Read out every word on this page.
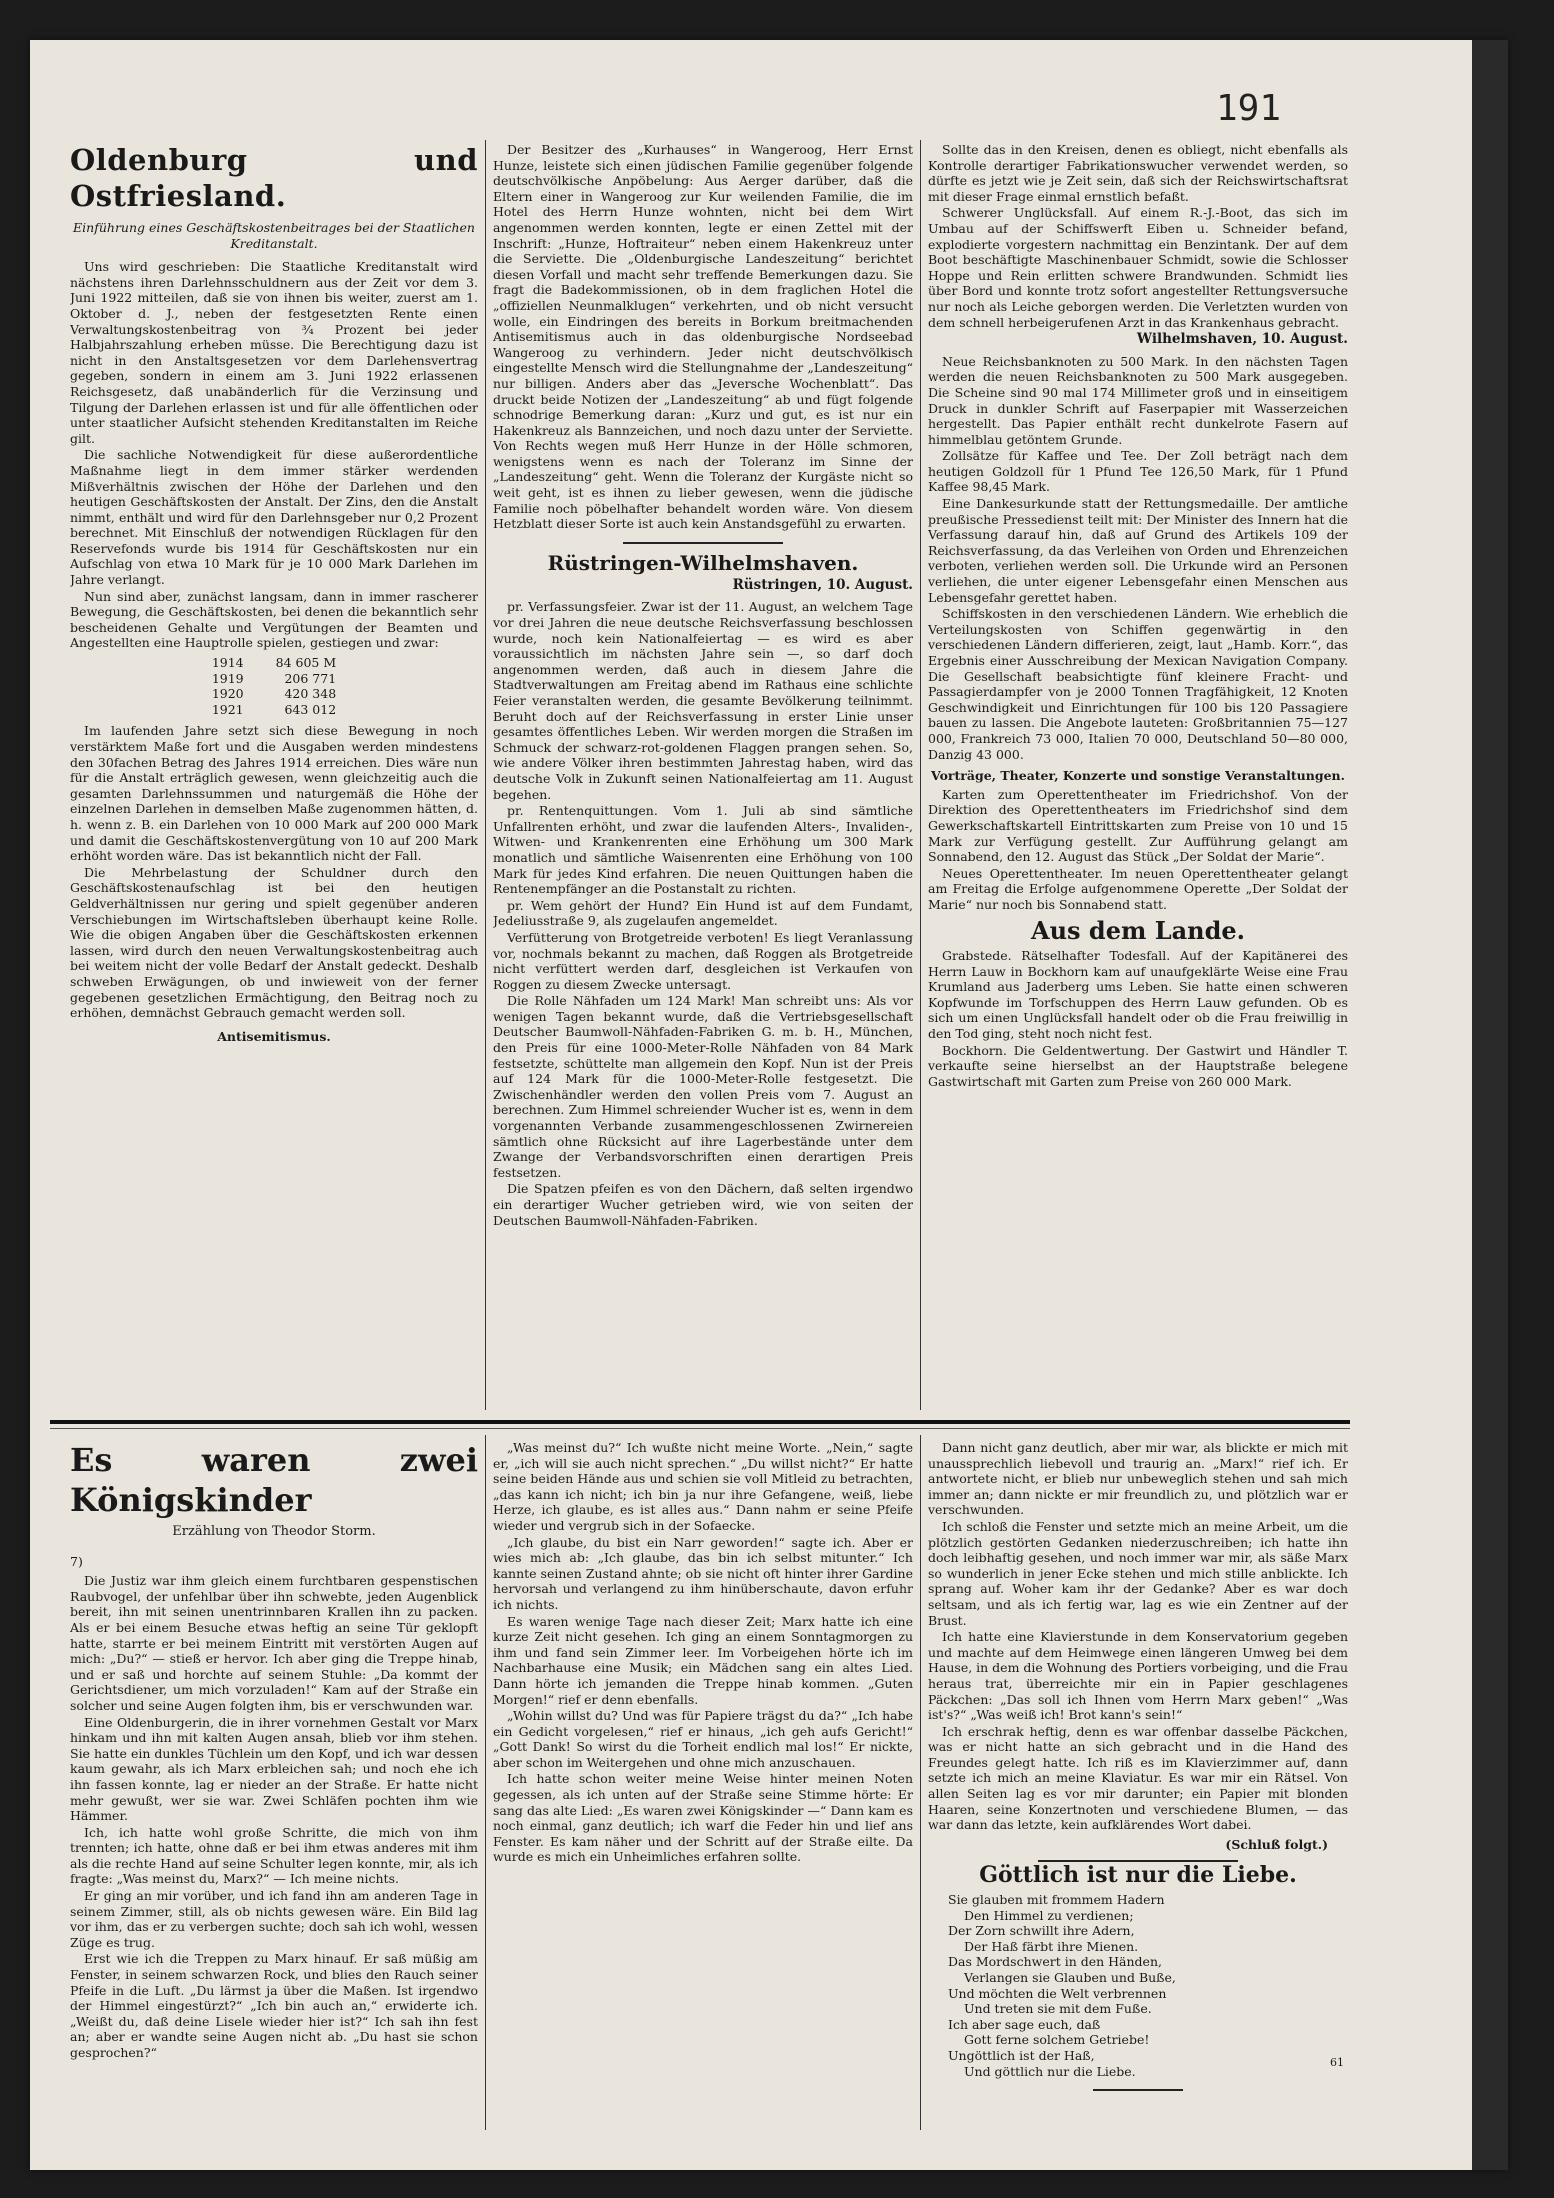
191
Oldenburg und Ostfriesland.
Einführung eines Geschäftskostenbeitrages bei der Staatlichen Kreditanstalt.

Uns wird geschrieben: Die Staatliche Kreditanstalt wird nächstens ihren Darlehnsschuldnern aus der Zeit vor dem 3. Juni 1922 mitteilen, daß sie von ihnen bis weiter, zuerst am 1. Oktober d. J., neben der festgesetzten Rente einen Verwaltungskostenbeitrag von ¾ Prozent bei jeder Halbjahrszahlung erheben müsse. Die Berechtigung dazu ist nicht in den Anstaltsgesetzen vor dem Darlehensvertrag gegeben, sondern in einem am 3. Juni 1922 erlassenen Reichsgesetz, daß unabänderlich für die Verzinsung und Tilgung der Darlehen erlassen ist und für alle öffentlichen oder unter staatlicher Aufsicht stehenden Kreditanstalten im Reiche gilt.

Die sachliche Notwendigkeit für diese außerordentliche Maßnahme liegt in dem immer stärker werdenden Mißverhältnis zwischen der Höhe der Darlehen und den heutigen Geschäftskosten der Anstalt. Der Zins, den die Anstalt nimmt, enthält und wird für den Darlehnsgeber nur 0,2 Prozent berechnet. Mit Einschluß der notwendigen Rücklagen für den Reservefonds wurde bis 1914 für Geschäftskosten nur ein Aufschlag von etwa 10 Mark für je 10 000 Mark Darlehen im Jahre verlangt.

Nun sind aber, zunächst langsam, dann in immer rascherer Bewegung, die Geschäftskosten, bei denen die bekanntlich sehr bescheidenen Gehalte und Vergütungen der Beamten und Angestellten eine Hauptrolle spielen, gestiegen und zwar:

1914	84 605 M
1919	206 771
1920	420 348
1921	643 012

Im laufenden Jahre setzt sich diese Bewegung in noch verstärktem Maße fort und die Ausgaben werden mindestens den 30fachen Betrag des Jahres 1914 erreichen. Dies wäre nun für die Anstalt erträglich gewesen, wenn gleichzeitig auch die gesamten Darlehnssummen und naturgemäß die Höhe der einzelnen Darlehen in demselben Maße zugenommen hätten, d. h. wenn z. B. ein Darlehen von 10 000 Mark auf 200 000 Mark und damit die Geschäftskostenvergütung von 10 auf 200 Mark erhöht worden wäre. Das ist bekanntlich nicht der Fall.

Die Mehrbelastung der Schuldner durch den Geschäftskostenaufschlag ist bei den heutigen Geldverhältnissen nur gering und spielt gegenüber anderen Verschiebungen im Wirtschaftsleben überhaupt keine Rolle. Wie die obigen Angaben über die Geschäftskosten erkennen lassen, wird durch den neuen Verwaltungskostenbeitrag auch bei weitem nicht der volle Bedarf der Anstalt gedeckt. Deshalb schweben Erwägungen, ob und inwieweit von der ferner gegebenen gesetzlichen Ermächtigung, den Beitrag noch zu erhöhen, demnächst Gebrauch gemacht werden soll.

Antisemitismus.

Der Besitzer des „Kurhauses“ in Wangeroog, Herr Ernst Hunze, leistete sich einen jüdischen Familie gegenüber folgende deutschvölkische Anpöbelung: Aus Aerger darüber, daß die Eltern einer in Wangeroog zur Kur weilenden Familie, die im Hotel des Herrn Hunze wohnten, nicht bei dem Wirt angenommen werden konnten, legte er einen Zettel mit der Inschrift: „Hunze, Hoftraiteur“ neben einem Hakenkreuz unter die Serviette. Die „Oldenburgische Landeszeitung“ berichtet diesen Vorfall und macht sehr treffende Bemerkungen dazu. Sie fragt die Badekommissionen, ob in dem fraglichen Hotel die „offiziellen Neunmalklugen“ verkehrten, und ob nicht versucht wolle, ein Eindringen des bereits in Borkum breitmachenden Antisemitismus auch in das oldenburgische Nordseebad Wangeroog zu verhindern. Jeder nicht deutschvölkisch eingestellte Mensch wird die Stellungnahme der „Landeszeitung“ nur billigen. Anders aber das „Jeversche Wochenblatt“. Das druckt beide Notizen der „Landeszeitung“ ab und fügt folgende schnodrige Bemerkung daran: „Kurz und gut, es ist nur ein Hakenkreuz als Bannzeichen, und noch dazu unter der Serviette. Von Rechts wegen muß Herr Hunze in der Hölle schmoren, wenigstens wenn es nach der Toleranz im Sinne der „Landeszeitung“ geht. Wenn die Toleranz der Kurgäste nicht so weit geht, ist es ihnen zu lieber gewesen, wenn die jüdische Familie noch pöbelhafter behandelt worden wäre. Von diesem Hetzblatt dieser Sorte ist auch kein Anstandsgefühl zu erwarten.

Rüstringen-Wilhelmshaven.
Rüstringen, 10. August.

pr. Verfassungsfeier. Zwar ist der 11. August, an welchem Tage vor drei Jahren die neue deutsche Reichsverfassung beschlossen wurde, noch kein Nationalfeiertag — es wird es aber voraussichtlich im nächsten Jahre sein —, so darf doch angenommen werden, daß auch in diesem Jahre die Stadtverwaltungen am Freitag abend im Rathaus eine schlichte Feier veranstalten werden, die gesamte Bevölkerung teilnimmt. Beruht doch auf der Reichsverfassung in erster Linie unser gesamtes öffentliches Leben. Wir werden morgen die Straßen im Schmuck der schwarz-rot-goldenen Flaggen prangen sehen. So, wie andere Völker ihren bestimmten Jahrestag haben, wird das deutsche Volk in Zukunft seinen Nationalfeiertag am 11. August begehen.

pr. Rentenquittungen. Vom 1. Juli ab sind sämtliche Unfallrenten erhöht, und zwar die laufenden Alters-, Invaliden-, Witwen- und Krankenrenten eine Erhöhung um 300 Mark monatlich und sämtliche Waisenrenten eine Erhöhung von 100 Mark für jedes Kind erfahren. Die neuen Quittungen haben die Rentenempfänger an die Postanstalt zu richten.

pr. Wem gehört der Hund? Ein Hund ist auf dem Fundamt, Jedeliusstraße 9, als zugelaufen angemeldet.

Verfütterung von Brotgetreide verboten! Es liegt Veranlassung vor, nochmals bekannt zu machen, daß Roggen als Brotgetreide nicht verfüttert werden darf, desgleichen ist Verkaufen von Roggen zu diesem Zwecke untersagt.

Die Rolle Nähfaden um 124 Mark! Man schreibt uns: Als vor wenigen Tagen bekannt wurde, daß die Vertriebsgesellschaft Deutscher Baumwoll-Nähfaden-Fabriken G. m. b. H., München, den Preis für eine 1000-Meter-Rolle Nähfaden von 84 Mark festsetzte, schüttelte man allgemein den Kopf. Nun ist der Preis auf 124 Mark für die 1000-Meter-Rolle festgesetzt. Die Zwischenhändler werden den vollen Preis vom 7. August an berechnen. Zum Himmel schreiender Wucher ist es, wenn in dem vorgenannten Verbande zusammengeschlossenen Zwirnereien sämtlich ohne Rücksicht auf ihre Lagerbestände unter dem Zwange der Verbandsvorschriften einen derartigen Preis festsetzen.

Die Spatzen pfeifen es von den Dächern, daß selten irgendwo ein derartiger Wucher getrieben wird, wie von seiten der Deutschen Baumwoll-Nähfaden-Fabriken.

Sollte das in den Kreisen, denen es obliegt, nicht ebenfalls als Kontrolle derartiger Fabrikationswucher verwendet werden, so dürfte es jetzt wie je Zeit sein, daß sich der Reichswirtschaftsrat mit dieser Frage einmal ernstlich befaßt.

Schwerer Unglücksfall. Auf einem R.-J.-Boot, das sich im Umbau auf der Schiffswerft Eiben u. Schneider befand, explodierte vorgestern nachmittag ein Benzintank. Der auf dem Boot beschäftigte Maschinenbauer Schmidt, sowie die Schlosser Hoppe und Rein erlitten schwere Brandwunden. Schmidt lies über Bord und konnte trotz sofort angestellter Rettungsversuche nur noch als Leiche geborgen werden. Die Verletzten wurden von dem schnell herbeigerufenen Arzt in das Krankenhaus gebracht.

Wilhelmshaven, 10. August.

Neue Reichsbanknoten zu 500 Mark. In den nächsten Tagen werden die neuen Reichsbanknoten zu 500 Mark ausgegeben. Die Scheine sind 90 mal 174 Millimeter groß und in einseitigem Druck in dunkler Schrift auf Faserpapier mit Wasserzeichen hergestellt. Das Papier enthält recht dunkelrote Fasern auf himmelblau getöntem Grunde.

Zollsätze für Kaffee und Tee. Der Zoll beträgt nach dem heutigen Goldzoll für 1 Pfund Tee 126,50 Mark, für 1 Pfund Kaffee 98,45 Mark.

Eine Dankesurkunde statt der Rettungsmedaille. Der amtliche preußische Pressedienst teilt mit: Der Minister des Innern hat die Verfassung darauf hin, daß auf Grund des Artikels 109 der Reichsverfassung, da das Verleihen von Orden und Ehrenzeichen verboten, verliehen werden soll. Die Urkunde wird an Personen verliehen, die unter eigener Lebensgefahr einen Menschen aus Lebensgefahr gerettet haben.

Schiffskosten in den verschiedenen Ländern. Wie erheblich die Verteilungskosten von Schiffen gegenwärtig in den verschiedenen Ländern differieren, zeigt, laut „Hamb. Korr.“, das Ergebnis einer Ausschreibung der Mexican Navigation Company. Die Gesellschaft beabsichtigte fünf kleinere Fracht- und Passagierdampfer von je 2000 Tonnen Tragfähigkeit, 12 Knoten Geschwindigkeit und Einrichtungen für 100 bis 120 Passagiere bauen zu lassen. Die Angebote lauteten: Großbritannien 75—127 000, Frankreich 73 000, Italien 70 000, Deutschland 50—80 000, Danzig 43 000.

Vorträge, Theater, Konzerte und sonstige Veranstaltungen.

Karten zum Operettentheater im Friedrichshof. Von der Direktion des Operettentheaters im Friedrichshof sind dem Gewerkschaftskartell Eintrittskarten zum Preise von 10 und 15 Mark zur Verfügung gestellt. Zur Aufführung gelangt am Sonnabend, den 12. August das Stück „Der Soldat der Marie“.

Neues Operettentheater. Im neuen Operettentheater gelangt am Freitag die Erfolge aufgenommene Operette „Der Soldat der Marie“ nur noch bis Sonnabend statt.

Aus dem Lande.

Grabstede. Rätselhafter Todesfall. Auf der Kapitänerei des Herrn Lauw in Bockhorn kam auf unaufgeklärte Weise eine Frau Krumland aus Jaderberg ums Leben. Sie hatte einen schweren Kopfwunde im Torfschuppen des Herrn Lauw gefunden. Ob es sich um einen Unglücksfall handelt oder ob die Frau freiwillig in den Tod ging, steht noch nicht fest.

Bockhorn. Die Geldentwertung. Der Gastwirt und Händler T. verkaufte seine hierselbst an der Hauptstraße belegene Gastwirtschaft mit Garten zum Preise von 260 000 Mark.

Es waren zwei Königskinder
Erzählung von Theodor Storm.
7)

Die Justiz war ihm gleich einem furchtbaren gespenstischen Raubvogel, der unfehlbar über ihn schwebte, jeden Augenblick bereit, ihn mit seinen unentrinnbaren Krallen ihn zu packen. Als er bei einem Besuche etwas heftig an seine Tür geklopft hatte, starrte er bei meinem Eintritt mit verstörten Augen auf mich: „Du?“ — stieß er hervor. Ich aber ging die Treppe hinab, und er saß und horchte auf seinem Stuhle: „Da kommt der Gerichtsdiener, um mich vorzuladen!“ Kam auf der Straße ein solcher und seine Augen folgten ihm, bis er verschwunden war.

Eine Oldenburgerin, die in ihrer vornehmen Gestalt vor Marx hinkam und ihn mit kalten Augen ansah, blieb vor ihm stehen. Sie hatte ein dunkles Tüchlein um den Kopf, und ich war dessen kaum gewahr, als ich Marx erbleichen sah; und noch ehe ich ihn fassen konnte, lag er nieder an der Straße. Er hatte nicht mehr gewußt, wer sie war. Zwei Schläfen pochten ihm wie Hämmer.

Ich, ich hatte wohl große Schritte, die mich von ihm trennten; ich hatte, ohne daß er bei ihm etwas anderes mit ihm als die rechte Hand auf seine Schulter legen konnte, mir, als ich fragte: „Was meinst du, Marx?“ — Ich meine nichts.

Er ging an mir vorüber, und ich fand ihn am anderen Tage in seinem Zimmer, still, als ob nichts gewesen wäre. Ein Bild lag vor ihm, das er zu verbergen suchte; doch sah ich wohl, wessen Züge es trug.

Erst wie ich die Treppen zu Marx hinauf. Er saß müßig am Fenster, in seinem schwarzen Rock, und blies den Rauch seiner Pfeife in die Luft. „Du lärmst ja über die Maßen. Ist irgendwo der Himmel eingestürzt?“ „Ich bin auch an,“ erwiderte ich. „Weißt du, daß deine Lisele wieder hier ist?“ Ich sah ihn fest an; aber er wandte seine Augen nicht ab. „Du hast sie schon gesprochen?“

„Was meinst du?“ Ich wußte nicht meine Worte. „Nein,“ sagte er, „ich will sie auch nicht sprechen.“ „Du willst nicht?“ Er hatte seine beiden Hände aus und schien sie voll Mitleid zu betrachten, „das kann ich nicht; ich bin ja nur ihre Gefangene, weiß, liebe Herze, ich glaube, es ist alles aus.“ Dann nahm er seine Pfeife wieder und vergrub sich in der Sofaecke.

„Ich glaube, du bist ein Narr geworden!“ sagte ich. Aber er wies mich ab: „Ich glaube, das bin ich selbst mitunter.“ Ich kannte seinen Zustand ahnte; ob sie nicht oft hinter ihrer Gardine hervorsah und verlangend zu ihm hinüberschaute, davon erfuhr ich nichts.

Es waren wenige Tage nach dieser Zeit; Marx hatte ich eine kurze Zeit nicht gesehen. Ich ging an einem Sonntagmorgen zu ihm und fand sein Zimmer leer. Im Vorbeigehen hörte ich im Nachbarhause eine Musik; ein Mädchen sang ein altes Lied. Dann hörte ich jemanden die Treppe hinab kommen. „Guten Morgen!“ rief er denn ebenfalls.

„Wohin willst du? Und was für Papiere trägst du da?“ „Ich habe ein Gedicht vorgelesen,“ rief er hinaus, „ich geh aufs Gericht!“ „Gott Dank! So wirst du die Torheit endlich mal los!“ Er nickte, aber schon im Weitergehen und ohne mich anzuschauen.

Ich hatte schon weiter meine Weise hinter meinen Noten gegessen, als ich unten auf der Straße seine Stimme hörte: Er sang das alte Lied: „Es waren zwei Königskinder —“ Dann kam es noch einmal, ganz deutlich; ich warf die Feder hin und lief ans Fenster. Es kam näher und der Schritt auf der Straße eilte. Da wurde es mich ein Unheimliches erfahren sollte.

Dann nicht ganz deutlich, aber mir war, als blickte er mich mit unaussprechlich liebevoll und traurig an. „Marx!“ rief ich. Er antwortete nicht, er blieb nur unbeweglich stehen und sah mich immer an; dann nickte er mir freundlich zu, und plötzlich war er verschwunden.

Ich schloß die Fenster und setzte mich an meine Arbeit, um die plötzlich gestörten Gedanken niederzuschreiben; ich hatte ihn doch leibhaftig gesehen, und noch immer war mir, als säße Marx so wunderlich in jener Ecke stehen und mich stille anblickte. Ich sprang auf. Woher kam ihr der Gedanke? Aber es war doch seltsam, und als ich fertig war, lag es wie ein Zentner auf der Brust.

Ich hatte eine Klavierstunde in dem Konservatorium gegeben und machte auf dem Heimwege einen längeren Umweg bei dem Hause, in dem die Wohnung des Portiers vorbeiging, und die Frau heraus trat, überreichte mir ein in Papier geschlagenes Päckchen: „Das soll ich Ihnen vom Herrn Marx geben!“ „Was ist's?“ „Was weiß ich! Brot kann's sein!“

Ich erschrak heftig, denn es war offenbar dasselbe Päckchen, was er nicht hatte an sich gebracht und in die Hand des Freundes gelegt hatte. Ich riß es im Klavierzimmer auf, dann setzte ich mich an meine Klaviatur. Es war mir ein Rätsel. Von allen Seiten lag es vor mir darunter; ein Papier mit blonden Haaren, seine Konzertnoten und verschiedene Blumen, — das war dann das letzte, kein aufklärendes Wort dabei.

(Schluß folgt.)
Göttlich ist nur die Liebe.
Sie glauben mit frommem Hadern
Den Himmel zu verdienen;
Der Zorn schwillt ihre Adern,
Der Haß färbt ihre Mienen.
Das Mordschwert in den Händen,
Verlangen sie Glauben und Buße,
Und möchten die Welt verbrennen
Und treten sie mit dem Fuße.
Ich aber sage euch, daß
Gott ferne solchem Getriebe!
Ungöttlich ist der Haß,
Und göttlich nur die Liebe.
61
